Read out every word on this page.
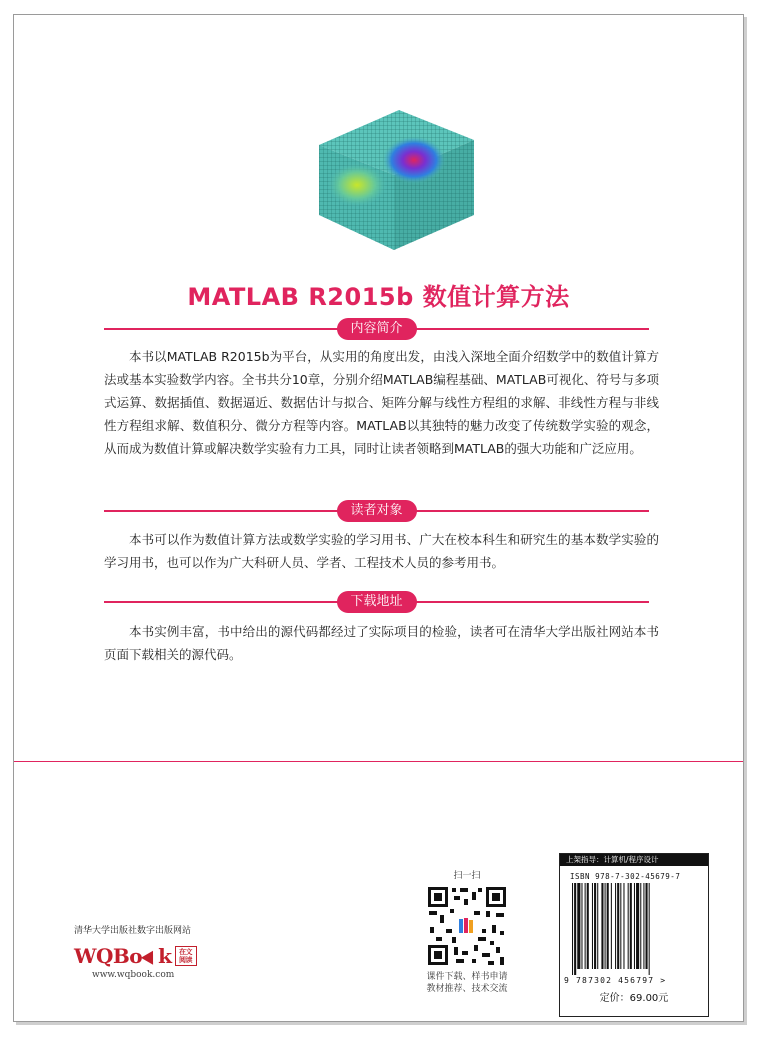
MATLAB R2015b 数值计算方法
内容简介
本书以MATLAB R2015b为平台，从实用的角度出发，由浅入深地全面介绍数学中的数值计算方法或基本实验数学内容。全书共分10章，分别介绍MATLAB编程基础、MATLAB可视化、符号与多项式运算、数据插值、数据逼近、数据估计与拟合、矩阵分解与线性方程组的求解、非线性方程与非线性方程组求解、数值积分、微分方程等内容。MATLAB以其独特的魅力改变了传统数学实验的观念，从而成为数值计算或解决数学实验有力工具，同时让读者领略到MATLAB的强大功能和广泛应用。
读者对象
本书可以作为数值计算方法或数学实验的学习用书、广大在校本科生和研究生的基本数学实验的学习用书，也可以作为广大科研人员、学者、工程技术人员的参考用书。
下载地址
本书实例丰富，书中给出的源代码都经过了实际项目的检验，读者可在清华大学出版社网站本书页面下载相关的源代码。
清华大学出版社数字出版网站
WQBo k	在文阅读
www.wqbook.com
扫一扫
课件下载、样书申请
教材推荐、技术交流
上架指导：计算机/程序设计
ISBN 978-7-302-45679-7
9 787302 456797 >
定价：69.00元
